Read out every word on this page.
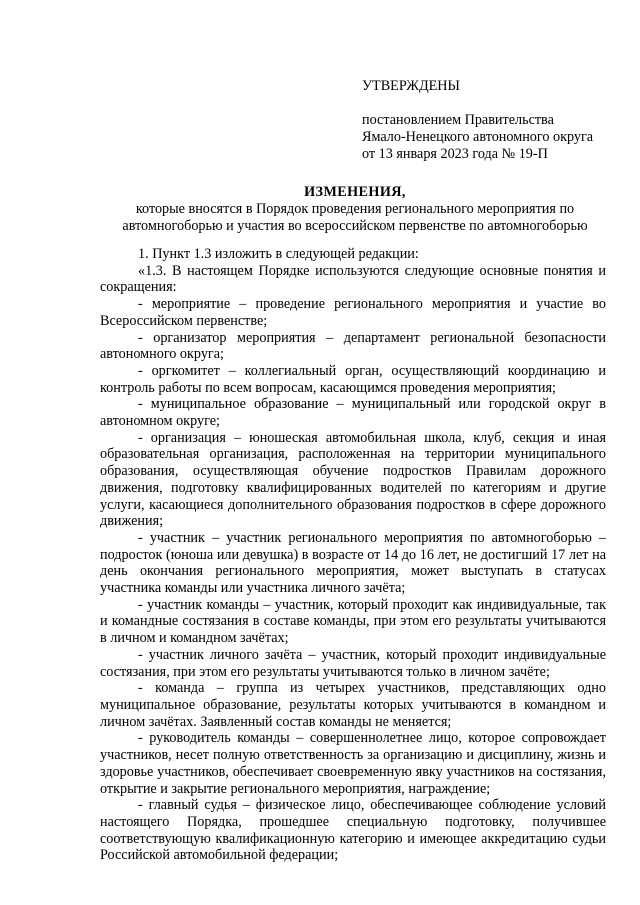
УТВЕРЖДЕНЫ
постановлением Правительства
Ямало-Ненецкого автономного округа
от 13 января 2023 года № 19-П
ИЗМЕНЕНИЯ,
которые вносятся в Порядок проведения регионального мероприятия по автомногоборью и участия во всероссийском первенстве по автомногоборью

1. Пункт 1.3 изложить в следующей редакции:

«1.3. В настоящем Порядке используются следующие основные понятия и сокращения:

- мероприятие – проведение регионального мероприятия и участие во Всероссийском первенстве;

- организатор мероприятия – департамент региональной безопасности автономного округа;

- оргкомитет – коллегиальный орган, осуществляющий координацию и контроль работы по всем вопросам, касающимся проведения мероприятия;

- муниципальное образование – муниципальный или городской округ в автономном округе;

- организация – юношеская автомобильная школа, клуб, секция и иная образовательная организация, расположенная на территории муниципального образования, осуществляющая обучение подростков Правилам дорожного движения, подготовку квалифицированных водителей по категориям и другие услуги, касающиеся дополнительного образования подростков в сфере дорожного движения;

- участник – участник регионального мероприятия по автомногоборью – подросток (юноша или девушка) в возрасте от 14 до 16 лет, не достигший 17 лет на день окончания регионального мероприятия, может выступать в статусах участника команды или участника личного зачёта;

- участник команды – участник, который проходит как индивидуальные, так и командные состязания в составе команды, при этом его результаты учитываются в личном и командном зачётах;

- участник личного зачёта – участник, который проходит индивидуальные состязания, при этом его результаты учитываются только в личном зачёте;

- команда – группа из четырех участников, представляющих одно муниципальное образование, результаты которых учитываются в командном и личном зачётах. Заявленный состав команды не меняется;

- руководитель команды – совершеннолетнее лицо, которое сопровождает участников, несет полную ответственность за организацию и дисциплину, жизнь и здоровье участников, обеспечивает своевременную явку участников на состязания, открытие и закрытие регионального мероприятия, награждение;

- главный судья – физическое лицо, обеспечивающее соблюдение условий настоящего Порядка, прошедшее специальную подготовку, получившее соответствующую квалификационную категорию и имеющее аккредитацию судьи Российской автомобильной федерации;
